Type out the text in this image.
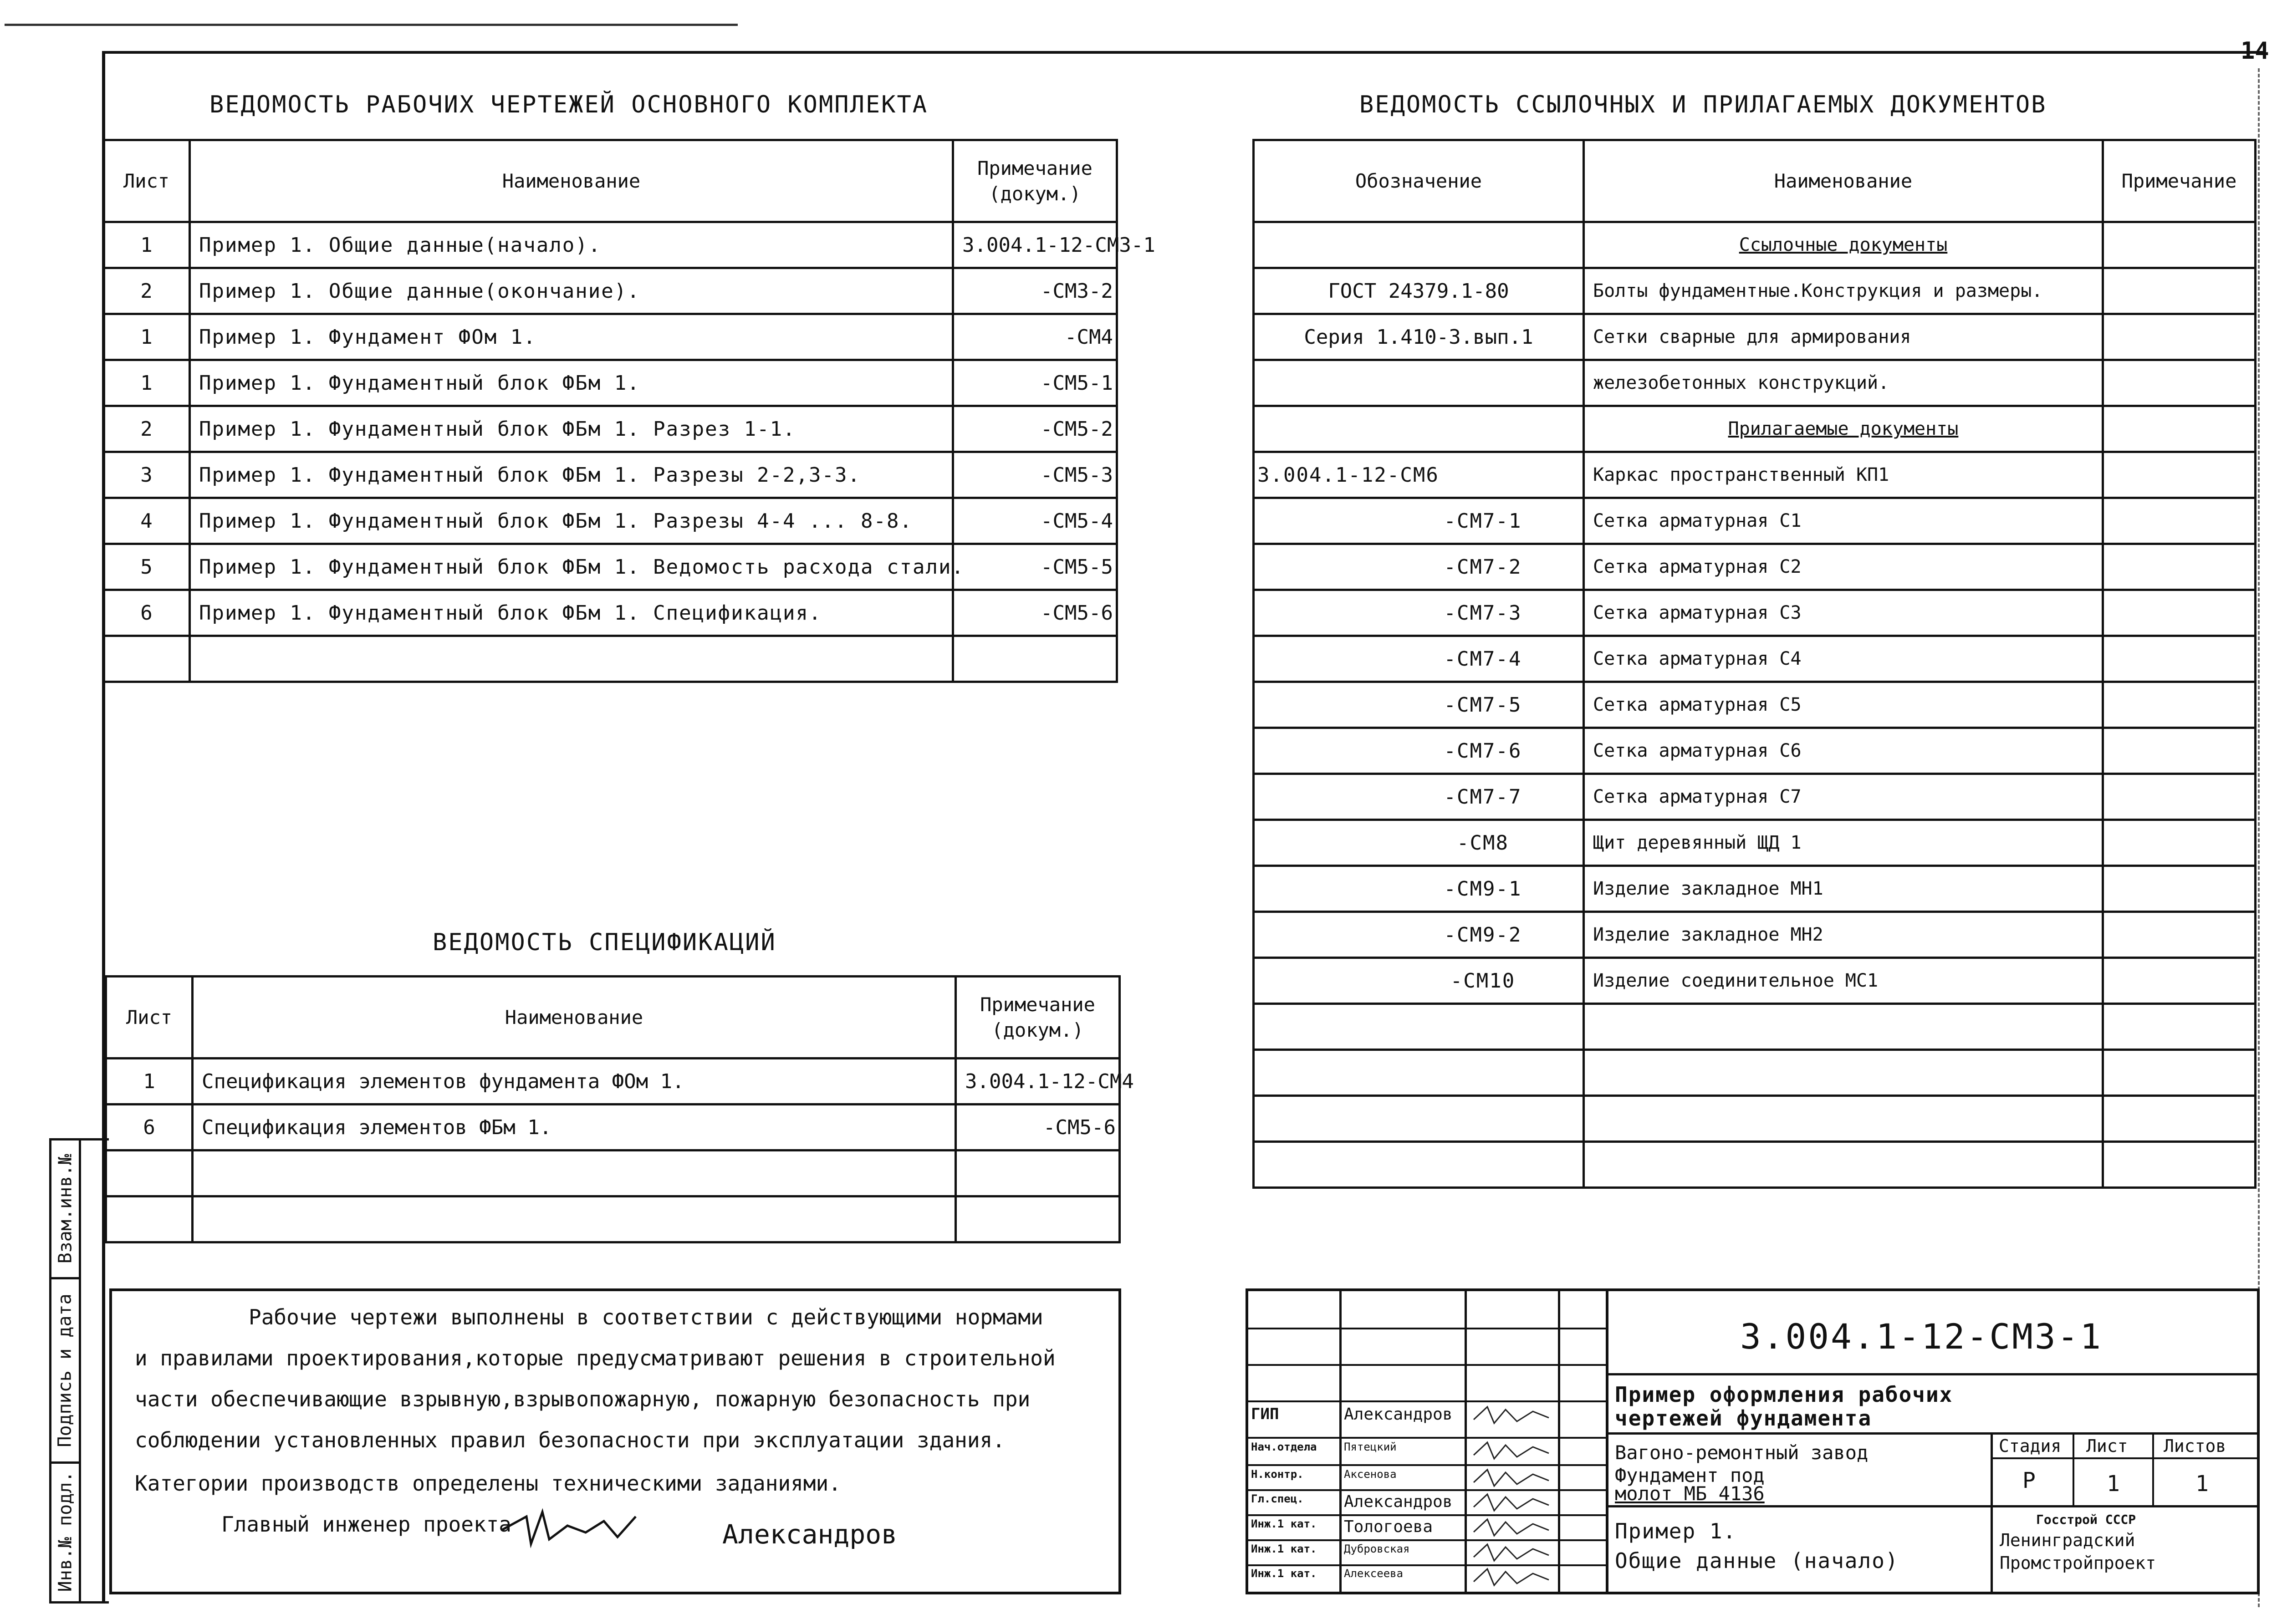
14
ВЕДОМОСТЬ РАБОЧИХ ЧЕРТЕЖЕЙ ОСНОВНОГО КОМПЛЕКТА
Лист	Наименование	Примечание (докум.)
1	Пример 1. Общие данные(начало).	3.004.1-12-СМ3-1
2	Пример 1. Общие данные(окончание).	-СМ3-2
1	Пример 1. Фундамент ФОм 1.	-СМ4
1	Пример 1. Фундаментный блок ФБм 1.	-СМ5-1
2	Пример 1. Фундаментный блок ФБм 1. Разрез 1-1.	-СМ5-2
3	Пример 1. Фундаментный блок ФБм 1. Разрезы 2-2,3-3.	-СМ5-3
4	Пример 1. Фундаментный блок ФБм 1. Разрезы 4-4 ... 8-8.	-СМ5-4
5	Пример 1. Фундаментный блок ФБм 1. Ведомость расхода стали.	-СМ5-5
6	Пример 1. Фундаментный блок ФБм 1. Спецификация.	-СМ5-6

ВЕДОМОСТЬ СПЕЦИФИКАЦИЙ
Лист	Наименование	Примечание (докум.)
1	Спецификация элементов фундамента ФОм 1.	3.004.1-12-СМ4
6	Спецификация элементов ФБм 1.	-СМ5-6

ВЕДОМОСТЬ ССЫЛОЧНЫХ И ПРИЛАГАЕМЫХ ДОКУМЕНТОВ
Обозначение	Наименование	Примечание
	Ссылочные документы	
ГОСТ 24379.1-80	Болты фундаментные.Конструкция и размеры.	
Серия 1.410-3.вып.1	Сетки сварные для армирования	
	железобетонных конструкций.	
	Прилагаемые документы	
3.004.1-12-СМ6	Каркас пространственный КП1	
-СМ7-1	Сетка арматурная С1	
-СМ7-2	Сетка арматурная С2	
-СМ7-3	Сетка арматурная С3	
-СМ7-4	Сетка арматурная С4	
-СМ7-5	Сетка арматурная С5	
-СМ7-6	Сетка арматурная С6	
-СМ7-7	Сетка арматурная С7	
-СМ8	Щит деревянный ЩД 1	
-СМ9-1	Изделие закладное МН1	
-СМ9-2	Изделие закладное МН2	
-СМ10	Изделие соединительное МС1	

Взам.инв.№
Подпись и дата
Инв.№ подл.
Рабочие чертежи выполнены в соответствии с действующими нормами
и правилами проектирования,которые предусматривают решения в строительной
части обеспечивающие взрывную,взрывопожарную, пожарную безопасность при
соблюдении установленных правил безопасности при эксплуатации здания.
Категории производств определены техническими заданиями.
Главный инженер проекта	Александров
3.004.1-12-СМ3-1
Пример оформления рабочих
чертежей фундамента
Вагоно-ремонтный завод
Фундамент под
молот МБ 4136
Пример 1.
Общие данные (начало)
Стадия Лист Листов
Р	1	1
Госстрой СССР
Ленинградский
Промстройпроект
ГИП	Александров
Нач.отдела Пятецкий
Н.контр.	Аксенова
Гл.спец. Александров
Инж.1 кат. Тологоева
Инж.1 кат. Дубровская
Инж.1 кат. Алексеева
